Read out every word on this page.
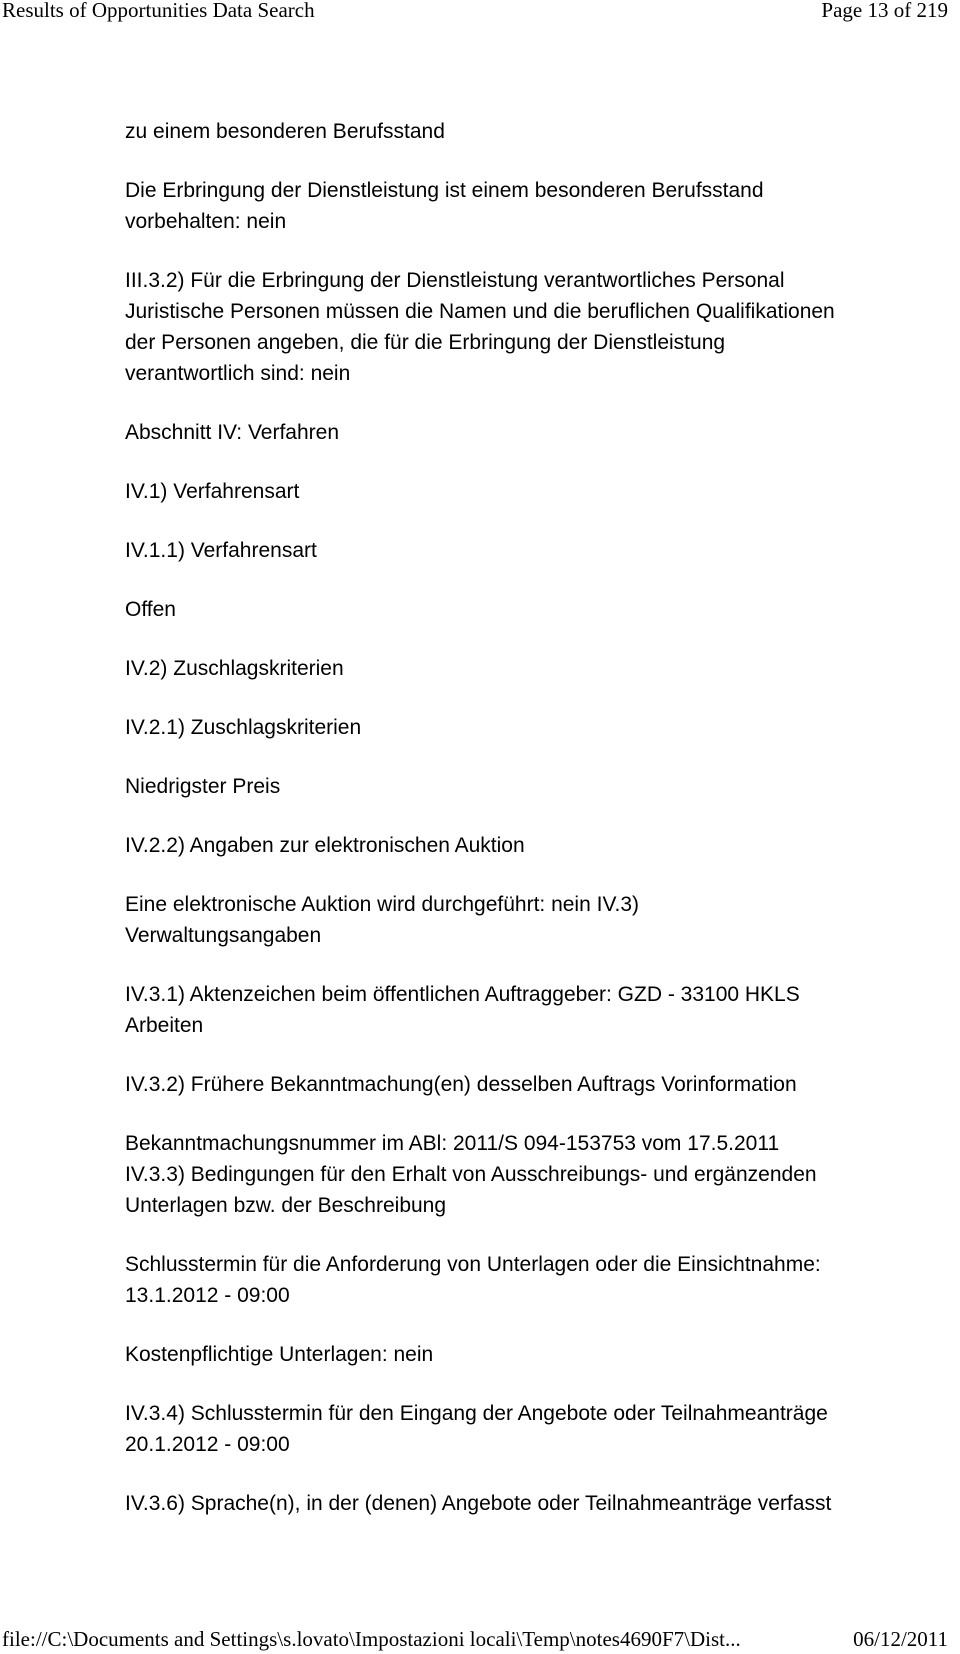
Results of Opportunities Data Search	Page 13 of 219

zu einem besonderen Berufsstand

Die Erbringung der Dienstleistung ist einem besonderen Berufsstand
vorbehalten: nein

III.3.2) Für die Erbringung der Dienstleistung verantwortliches Personal
Juristische Personen müssen die Namen und die beruflichen Qualifikationen
der Personen angeben, die für die Erbringung der Dienstleistung
verantwortlich sind: nein

Abschnitt IV: Verfahren

IV.1) Verfahrensart

IV.1.1) Verfahrensart

Offen

IV.2) Zuschlagskriterien

IV.2.1) Zuschlagskriterien

Niedrigster Preis

IV.2.2) Angaben zur elektronischen Auktion

Eine elektronische Auktion wird durchgeführt: nein IV.3)
Verwaltungsangaben

IV.3.1) Aktenzeichen beim öffentlichen Auftraggeber: GZD - 33100 HKLS
Arbeiten

IV.3.2) Frühere Bekanntmachung(en) desselben Auftrags Vorinformation

Bekanntmachungsnummer im ABl: 2011/S 094-153753 vom 17.5.2011
IV.3.3) Bedingungen für den Erhalt von Ausschreibungs- und ergänzenden
Unterlagen bzw. der Beschreibung

Schlusstermin für die Anforderung von Unterlagen oder die Einsichtnahme:
13.1.2012 - 09:00

Kostenpflichtige Unterlagen: nein

IV.3.4) Schlusstermin für den Eingang der Angebote oder Teilnahmeanträge
20.1.2012 - 09:00

IV.3.6) Sprache(n), in der (denen) Angebote oder Teilnahmeanträge verfasst

file://C:\Documents and Settings\s.lovato\Impostazioni locali\Temp\notes4690F7\Dist...	06/12/2011
